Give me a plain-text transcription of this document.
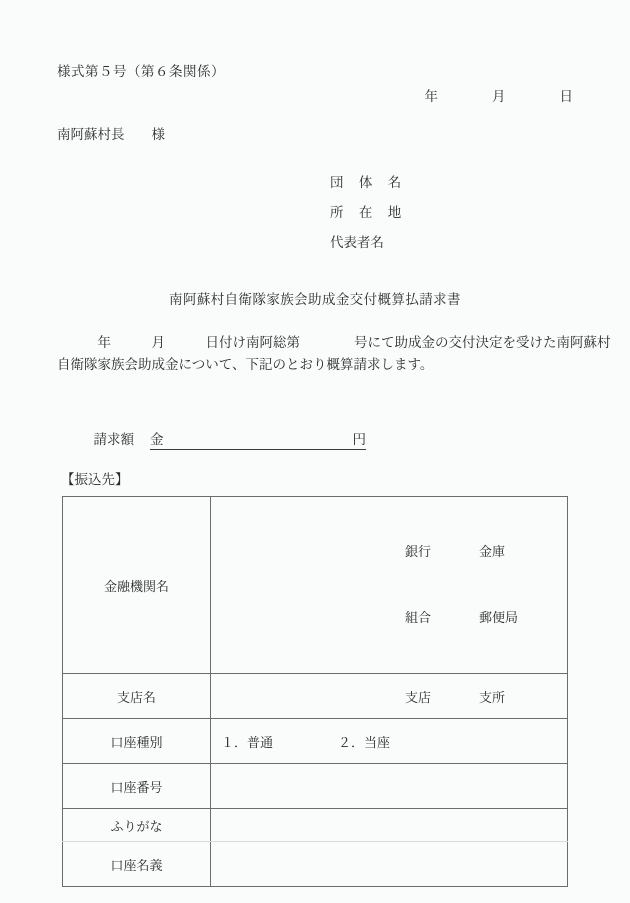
様式第５号（第６条関係）
年　　　　月　　　　日
南阿蘇村長　　様
団 体 名
所 在 地
代表者名
南阿蘇村自衛隊家族会助成金交付概算払請求書
　　　年　　　月　　　日付け南阿総第　　　　号にて助成金の交付決定を受けた南阿蘇村
自衛隊家族会助成金について、下記のとおり概算請求します。

請求額 金　　　　　　　　　　　　　　	円

【振込先】
金融機関名	銀行 金庫

組合 郵便局

支店名	支店 支所

口座種別	１．普通　　　　　２．当座
口座番号	
ふりがな	
口座名義	
